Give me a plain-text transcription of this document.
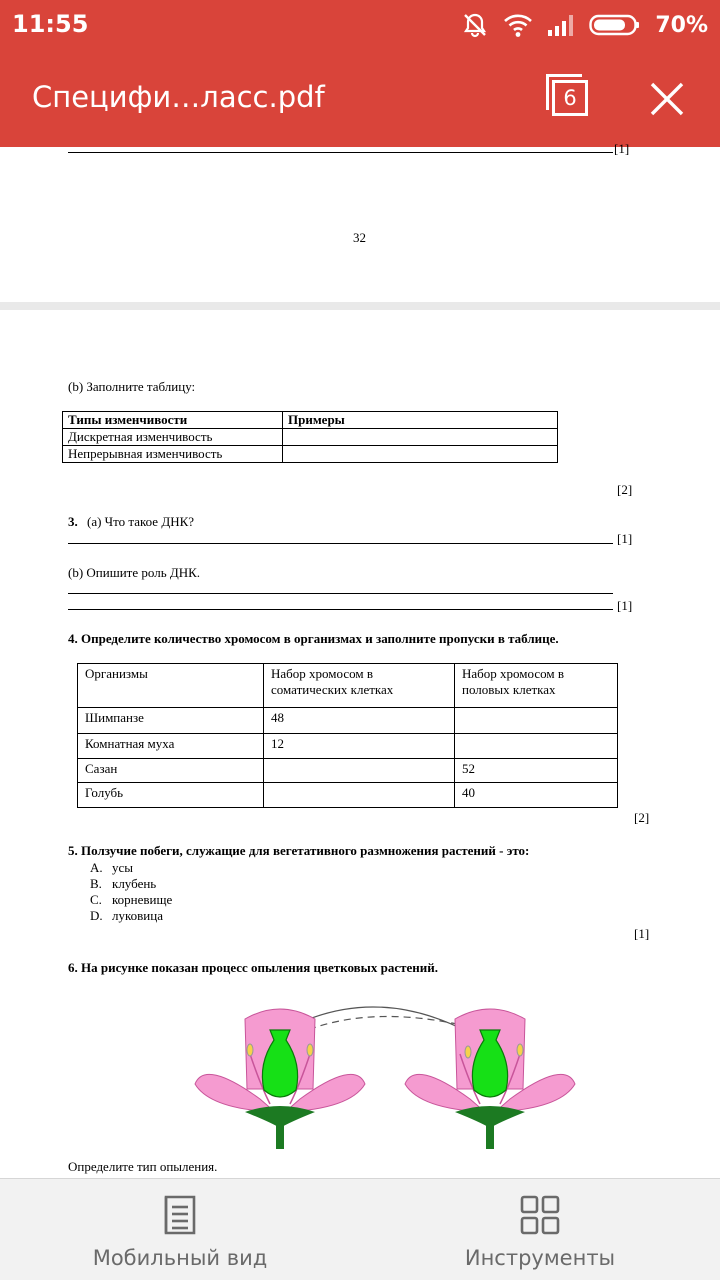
11:55	70%
Специфи…ласс.pdf	6
[1]
32
(b) Заполните таблицу:
Типы изменчивости	Примеры
Дискретная изменчивость	
Непрерывная изменчивость	
[2]
3. (a) Что такое ДНК?
[1]
(b) Опишите роль ДНК.
[1]
4. Определите количество хромосом в организмах и заполните пропуски в таблице.
Организмы	Набор хромосом в соматических клетках	Набор хромосом в половых клетках
Шимпанзе	48	
Комнатная муха	12	
Сазан		52
Голубь		40
[2]
5. Ползучие побеги, служащие для вегетативного размножения растений - это:
A. усы
B. клубень
C. корневище
D. луковица
[1]
6. На рисунке показан процесс опыления цветковых растений.
Определите тип опыления.
Мобильный вид	Инструменты
